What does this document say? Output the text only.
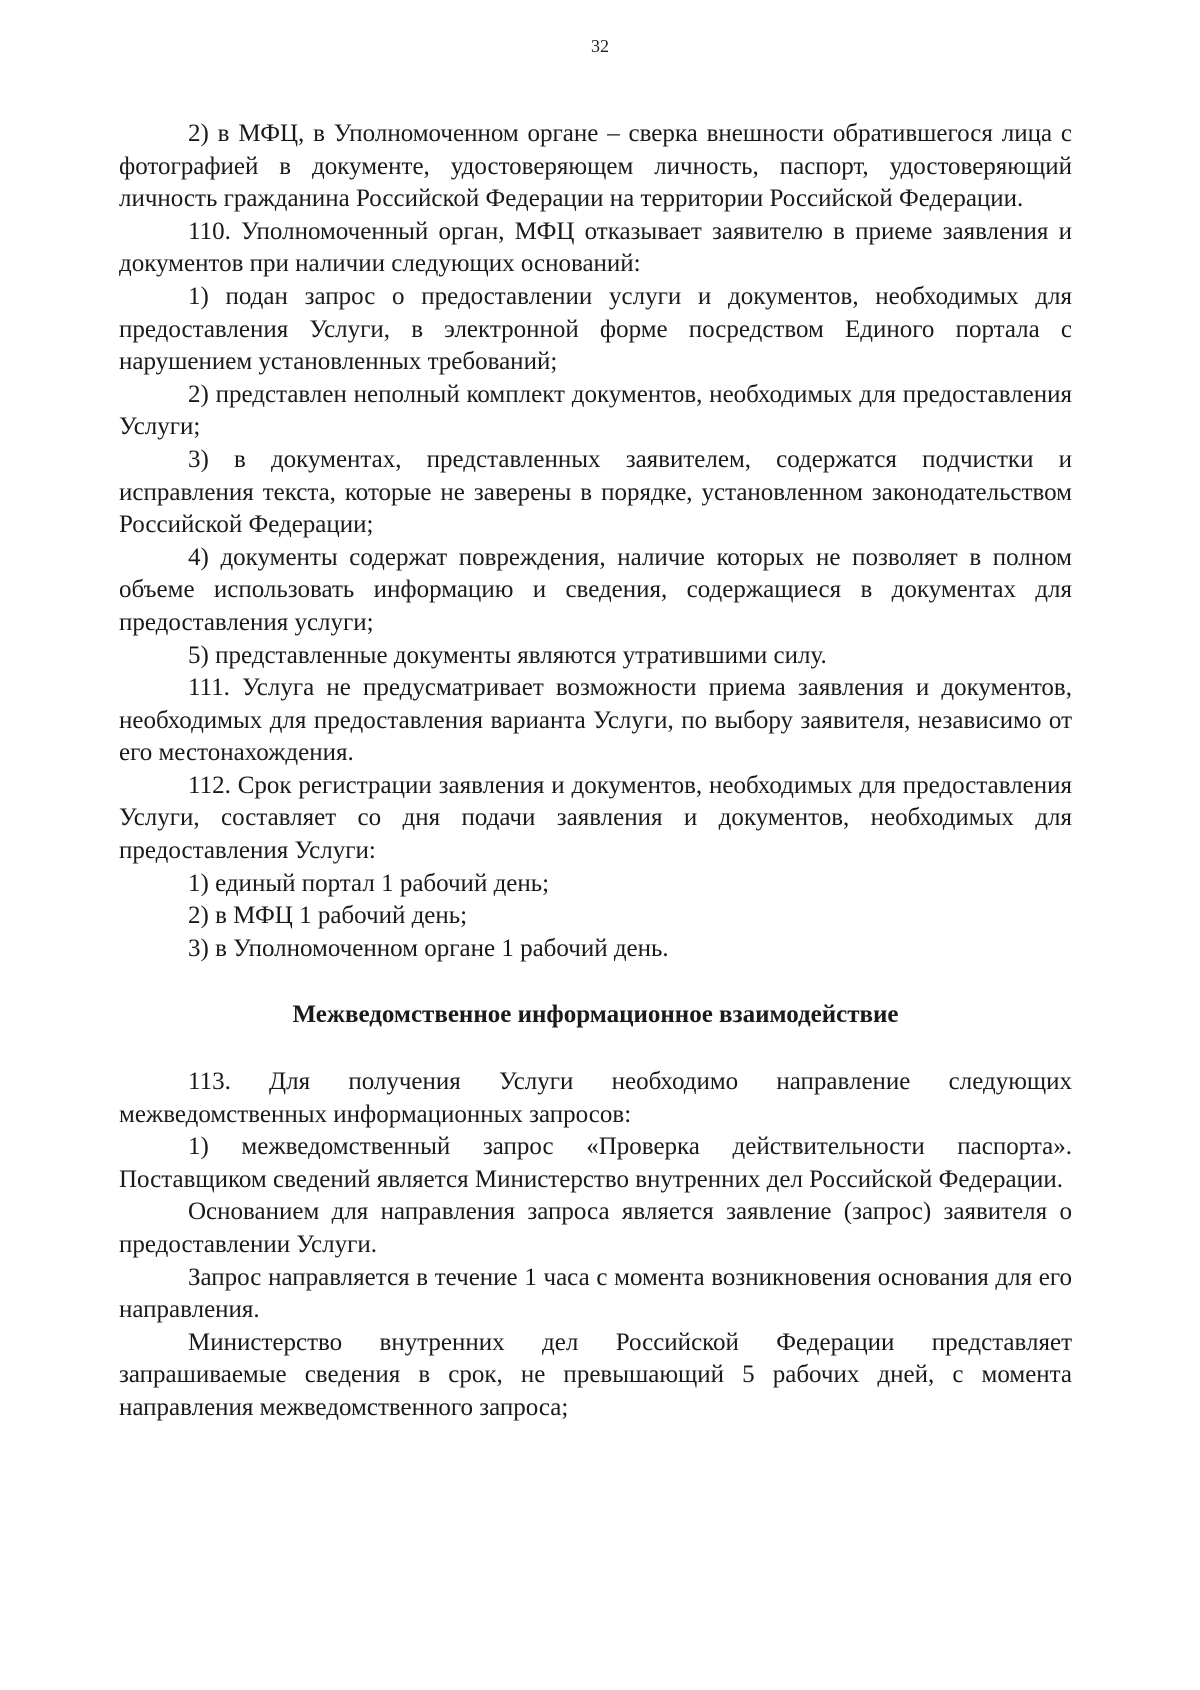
32

2) в МФЦ, в Уполномоченном органе – сверка внешности обратившегося лица с фотографией в документе, удостоверяющем личность, паспорт, удостоверяющий личность гражданина Российской Федерации на территории Российской Федерации.

110. Уполномоченный орган, МФЦ отказывает заявителю в приеме заявления и документов при наличии следующих оснований:

1) подан запрос о предоставлении услуги и документов, необходимых для предоставления Услуги, в электронной форме посредством Единого портала с нарушением установленных требований;

2) представлен неполный комплект документов, необходимых для предоставления Услуги;

3) в документах, представленных заявителем, содержатся подчистки и исправления текста, которые не заверены в порядке, установленном законодательством Российской Федерации;

4) документы содержат повреждения, наличие которых не позволяет в полном объеме использовать информацию и сведения, содержащиеся в документах для предоставления услуги;

5) представленные документы являются утратившими силу.

111. Услуга не предусматривает возможности приема заявления и документов, необходимых для предоставления варианта Услуги, по выбору заявителя, независимо от его местонахождения.

112. Срок регистрации заявления и документов, необходимых для предоставления Услуги, составляет со дня подачи заявления и документов, необходимых для предоставления Услуги:

1) единый портал 1 рабочий день;

2) в МФЦ 1 рабочий день;

3) в Уполномоченном органе 1 рабочий день.

Межведомственное информационное взаимодействие

113. Для получения Услуги необходимо направление следующих межведомственных информационных запросов:

1) межведомственный запрос «Проверка действительности паспорта». Поставщиком сведений является Министерство внутренних дел Российской Федерации.

Основанием для направления запроса является заявление (запрос) заявителя о предоставлении Услуги.

Запрос направляется в течение 1 часа с момента возникновения основания для его направления.

Министерство внутренних дел Российской Федерации представляет запрашиваемые сведения в срок, не превышающий 5 рабочих дней, с момента направления межведомственного запроса;
